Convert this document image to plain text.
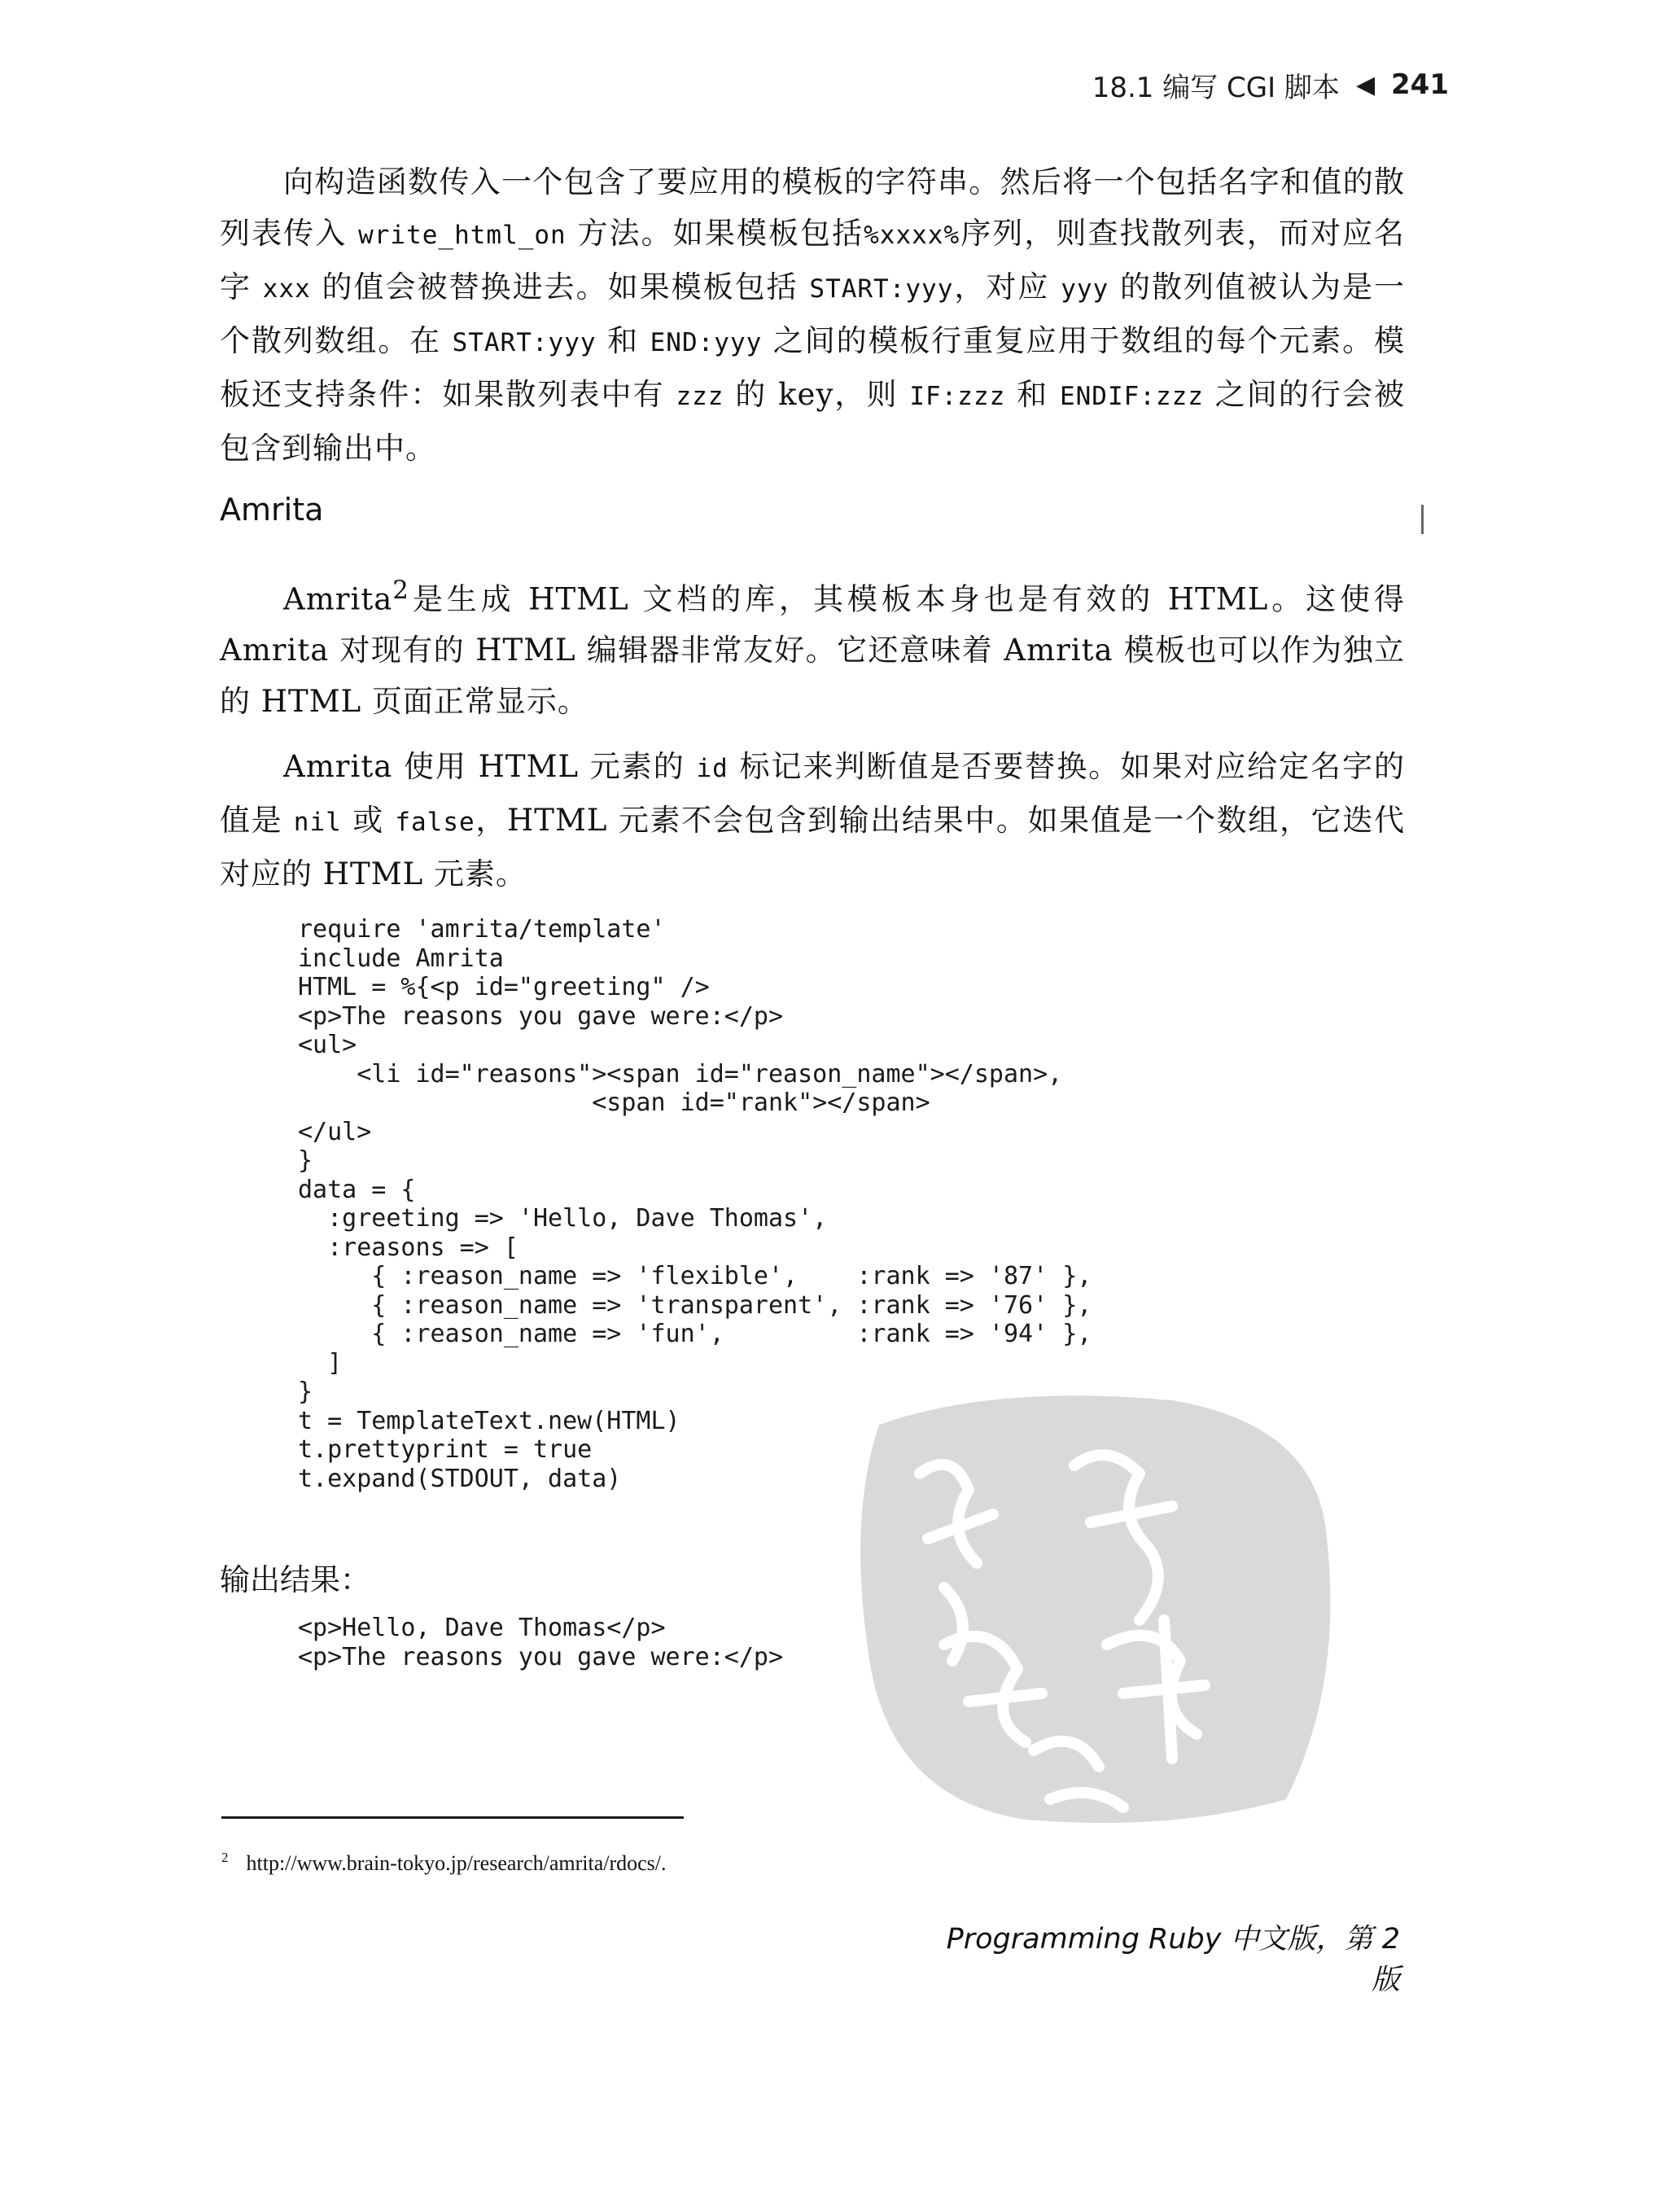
18.1 编写 CGI 脚本 ◀ 241

向构造函数传入一个包含了要应用的模板的字符串。然后将一个包括名字和值的散列表传入 write_html_on 方法。如果模板包括%xxxx%序列，则查找散列表，而对应名字 xxx 的值会被替换进去。如果模板包括 START:yyy，对应 yyy 的散列值被认为是一个散列数组。在 START:yyy 和 END:yyy 之间的模板行重复应用于数组的每个元素。模板还支持条件：如果散列表中有 zzz 的 key，则 IF:zzz 和 ENDIF:zzz 之间的行会被包含到输出中。

Amrita

Amrita$^2$是生成 HTML 文档的库，其模板本身也是有效的 HTML。这使得 Amrita 对现有的 HTML 编辑器非常友好。它还意味着 Amrita 模板也可以作为独立的 HTML 页面正常显示。

Amrita 使用 HTML 元素的 id 标记来判断值是否要替换。如果对应给定名字的值是 nil 或 false，HTML 元素不会包含到输出结果中。如果值是一个数组，它迭代对应的 HTML 元素。

require 'amrita/template'
include Amrita
HTML = %{<p id="greeting" />
<p>The reasons you gave were:</p>
<ul>
<li id="reasons"><span id="reason_name"></span>,
<span id="rank"></span>
</ul>
}
data = {
:greeting => 'Hello, Dave Thomas',
:reasons => [
{ :reason_name => 'flexible',    :rank => '87' },
{ :reason_name => 'transparent', :rank => '76' },
{ :reason_name => 'fun',         :rank => '94' },
]
}
t = TemplateText.new(HTML)
t.prettyprint = true
t.expand(STDOUT, data)
输出结果：
<p>Hello, Dave Thomas</p>
<p>The reasons you gave were:</p>
$^2$ http://www.brain-tokyo.jp/research/amrita/rdocs/.
Programming Ruby 中文版，第 2 版
